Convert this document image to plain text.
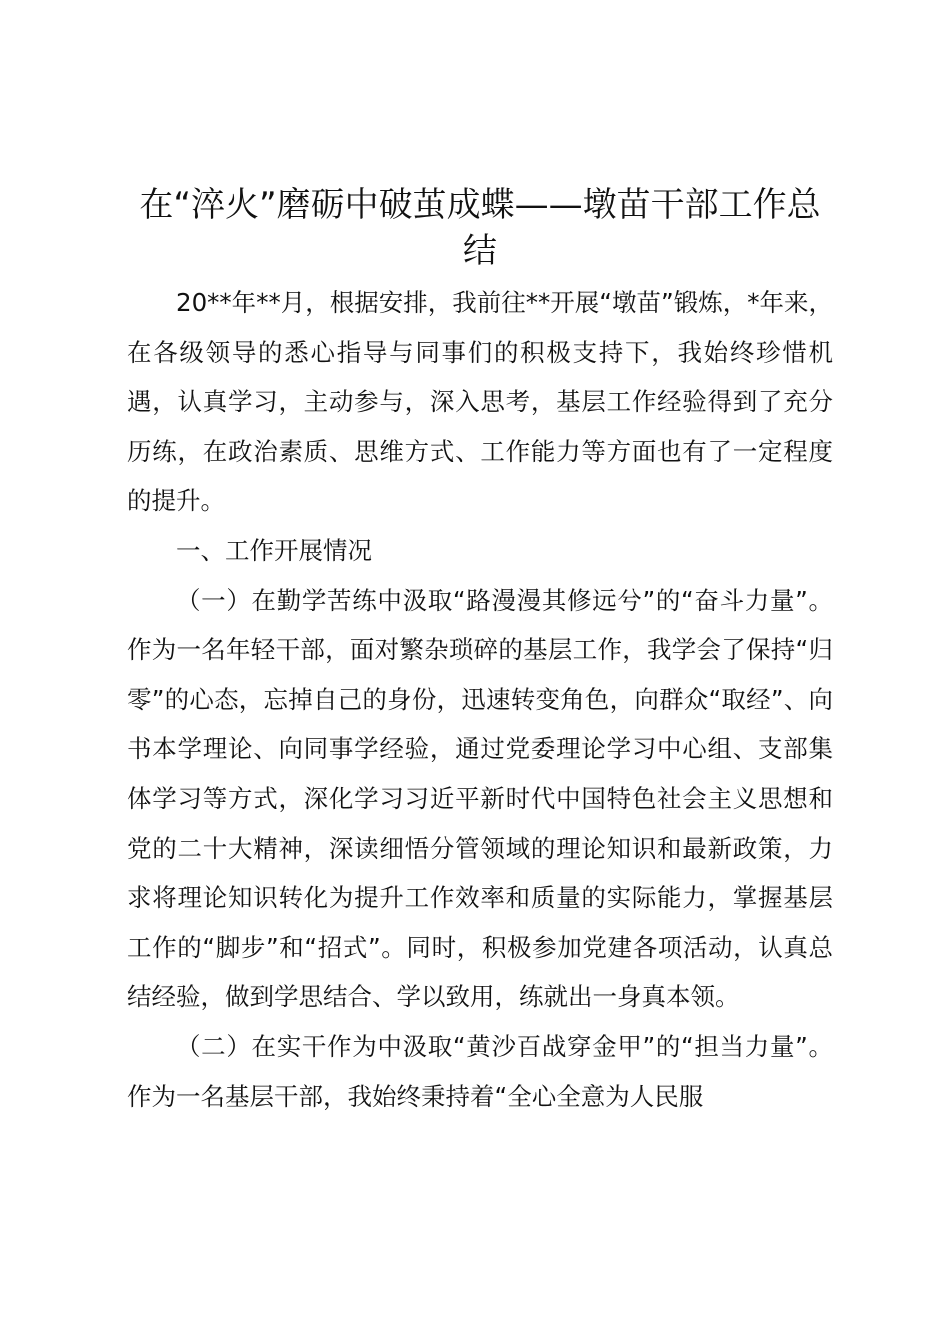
在“淬火”磨砺中破茧成蝶——墩苗干部工作总结

20**年**月，根据安排，我前往**开展“墩苗”锻炼，*年来，在各级领导的悉心指导与同事们的积极支持下，我始终珍惜机遇，认真学习，主动参与，深入思考，基层工作经验得到了充分历练，在政治素质、思维方式、工作能力等方面也有了一定程度的提升。

一、工作开展情况

（一）在勤学苦练中汲取“路漫漫其修远兮”的“奋斗力量”。作为一名年轻干部，面对繁杂琐碎的基层工作，我学会了保持“归零”的心态，忘掉自己的身份，迅速转变角色，向群众“取经”、向书本学理论、向同事学经验，通过党委理论学习中心组、支部集体学习等方式，深化学习习近平新时代中国特色社会主义思想和党的二十大精神，深读细悟分管领域的理论知识和最新政策，力求将理论知识转化为提升工作效率和质量的实际能力，掌握基层工作的“脚步”和“招式”。同时，积极参加党建各项活动，认真总结经验，做到学思结合、学以致用，练就出一身真本领。

（二）在实干作为中汲取“黄沙百战穿金甲”的“担当力量”。作为一名基层干部，我始终秉持着“全心全意为人民服
